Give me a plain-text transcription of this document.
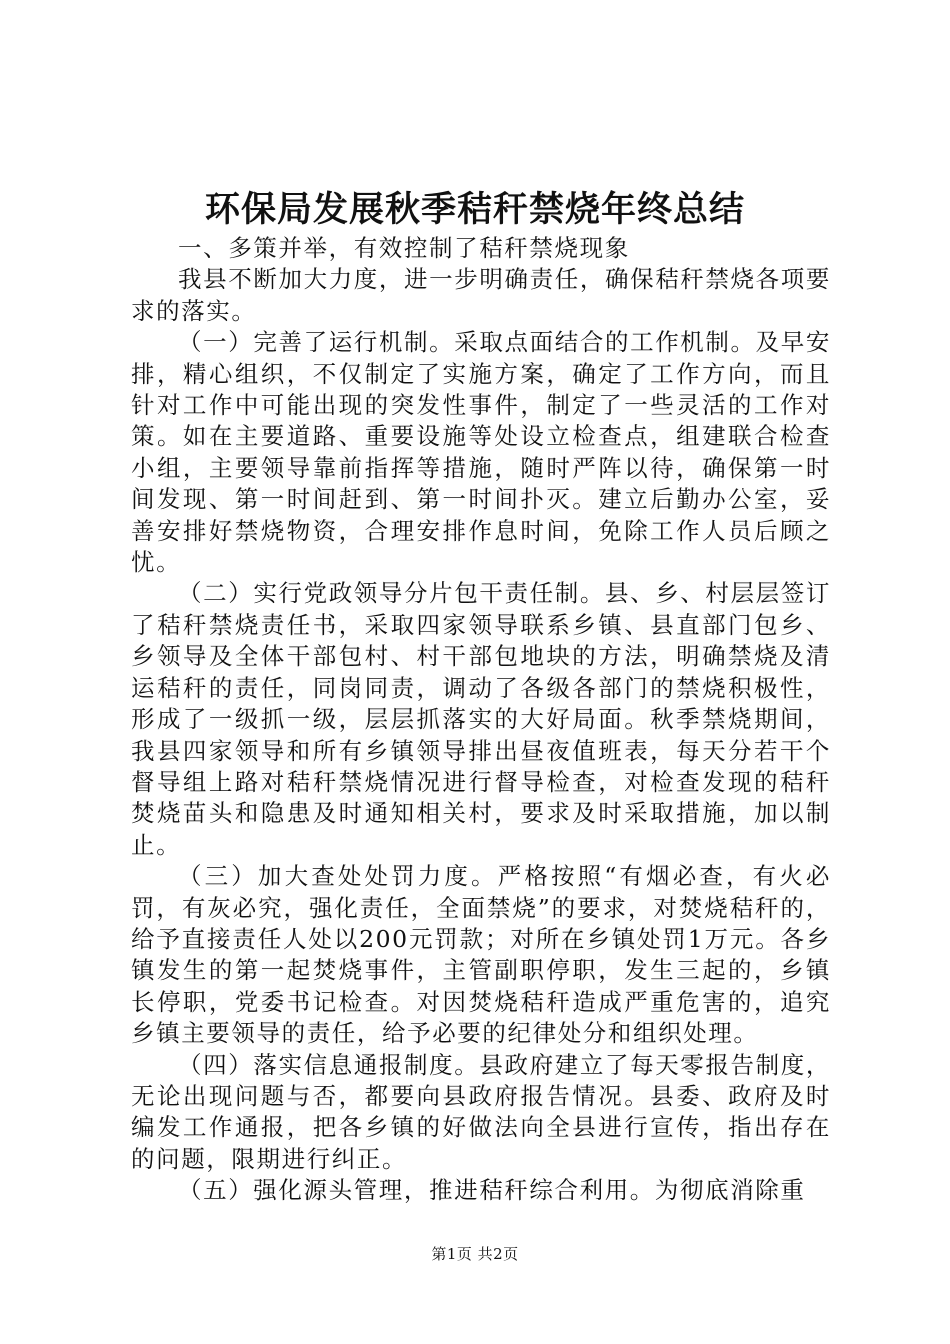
环保局发展秋季秸秆禁烧年终总结

一、多策并举，有效控制了秸秆禁烧现象

我县不断加大力度，进一步明确责任，确保秸秆禁烧各项要求的落实。

（一）完善了运行机制。采取点面结合的工作机制。及早安排，精心组织，不仅制定了实施方案，确定了工作方向，而且针对工作中可能出现的突发性事件，制定了一些灵活的工作对策。如在主要道路、重要设施等处设立检查点，组建联合检查小组，主要领导靠前指挥等措施，随时严阵以待，确保第一时间发现、第一时间赶到、第一时间扑灭。建立后勤办公室，妥善安排好禁烧物资，合理安排作息时间，免除工作人员后顾之忧。

（二）实行党政领导分片包干责任制。县、乡、村层层签订了秸秆禁烧责任书，采取四家领导联系乡镇、县直部门包乡、乡领导及全体干部包村、村干部包地块的方法，明确禁烧及清运秸秆的责任，同岗同责，调动了各级各部门的禁烧积极性，形成了一级抓一级，层层抓落实的大好局面。秋季禁烧期间，我县四家领导和所有乡镇领导排出昼夜值班表，每天分若干个督导组上路对秸秆禁烧情况进行督导检查，对检查发现的秸秆焚烧苗头和隐患及时通知相关村，要求及时采取措施，加以制止。

（三）加大查处处罚力度。严格按照“有烟必查，有火必罚，有灰必究，强化责任，全面禁烧”的要求，对焚烧秸秆的，给予直接责任人处以200元罚款；对所在乡镇处罚1万元。各乡镇发生的第一起焚烧事件，主管副职停职，发生三起的，乡镇长停职，党委书记检查。对因焚烧秸秆造成严重危害的，追究乡镇主要领导的责任，给予必要的纪律处分和组织处理。

（四）落实信息通报制度。县政府建立了每天零报告制度，无论出现问题与否，都要向县政府报告情况。县委、政府及时编发工作通报，把各乡镇的好做法向全县进行宣传，指出存在的问题，限期进行纠正。

（五）强化源头管理，推进秸秆综合利用。为彻底消除重

第1页 共2页
